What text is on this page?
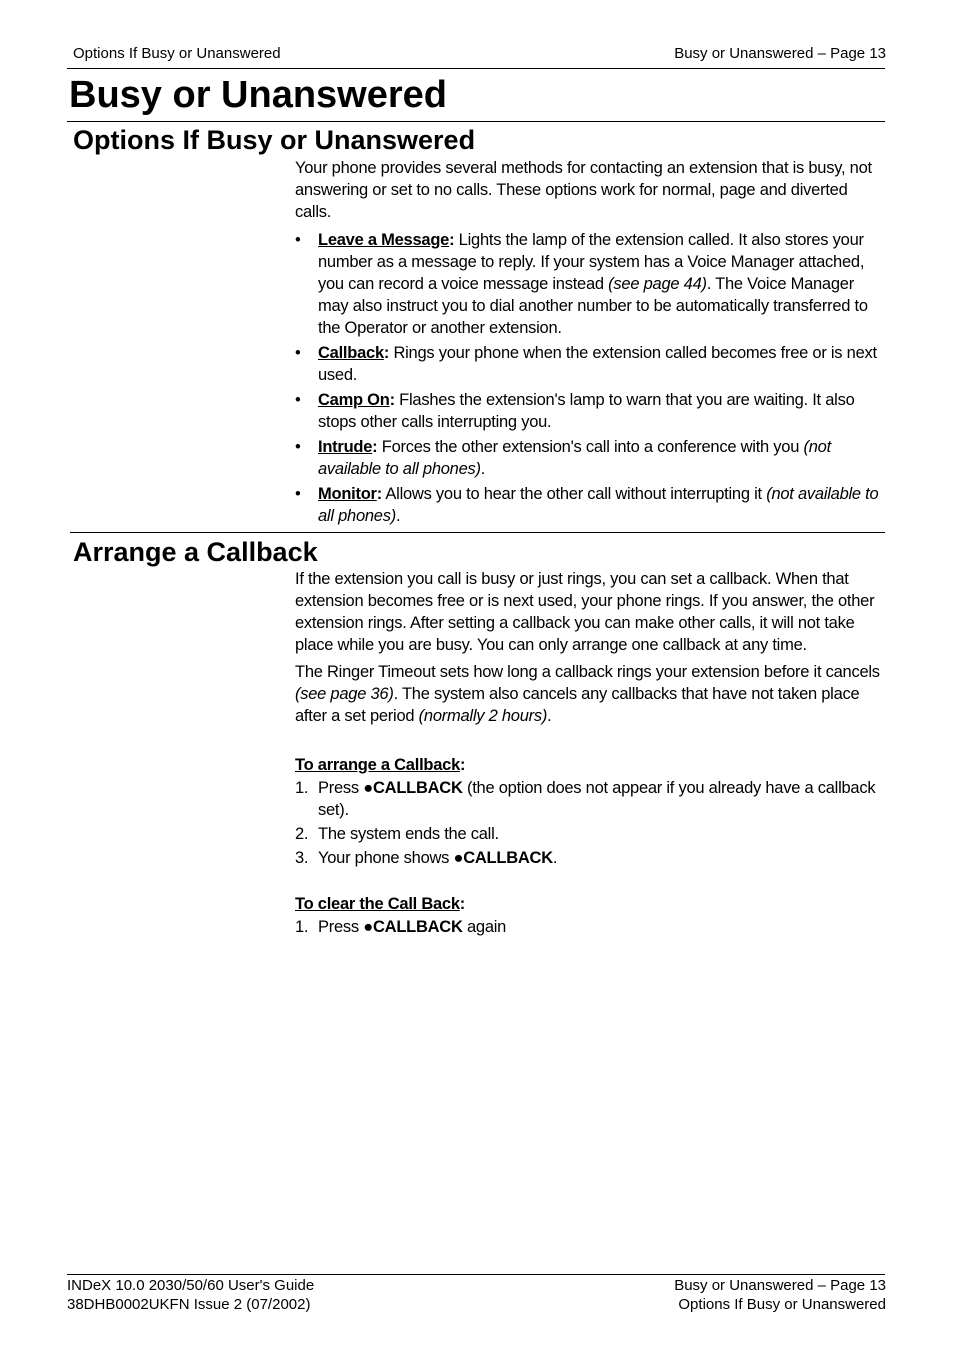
Options If Busy or Unanswered	Busy or Unanswered – Page 13
Busy or Unanswered
Options If Busy or Unanswered

Your phone provides several methods for contacting an extension that is busy, not answering or set to no calls. These options work for normal, page and diverted calls.

• Leave a Message: Lights the lamp of the extension called. It also stores your number as a message to reply. If your system has a Voice Manager attached, you can record a voice message instead (see page 44). The Voice Manager may also instruct you to dial another number to be automatically transferred to the Operator or another extension.
• Callback: Rings your phone when the extension called becomes free or is next used.
• Camp On: Flashes the extension's lamp to warn that you are waiting. It also stops other calls interrupting you.
• Intrude: Forces the other extension's call into a conference with you (not available to all phones).
• Monitor: Allows you to hear the other call without interrupting it (not available to all phones).
Arrange a Callback

If the extension you call is busy or just rings, you can set a callback. When that extension becomes free or is next used, your phone rings. If you answer, the other extension rings. After setting a callback you can make other calls, it will not take place while you are busy. You can only arrange one callback at any time.

The Ringer Timeout sets how long a callback rings your extension before it cancels (see page 36). The system also cancels any callbacks that have not taken place after a set period (normally 2 hours).

To arrange a Callback:

1. Press ●CALLBACK (the option does not appear if you already have a callback set).
2. The system ends the call.
3. Your phone shows ●CALLBACK.

To clear the Call Back:

1. Press ●CALLBACK again
INDeX 10.0 2030/50/60 User's Guide
38DHB0002UKFN Issue 2 (07/2002)
Busy or Unanswered – Page 13
Options If Busy or Unanswered
